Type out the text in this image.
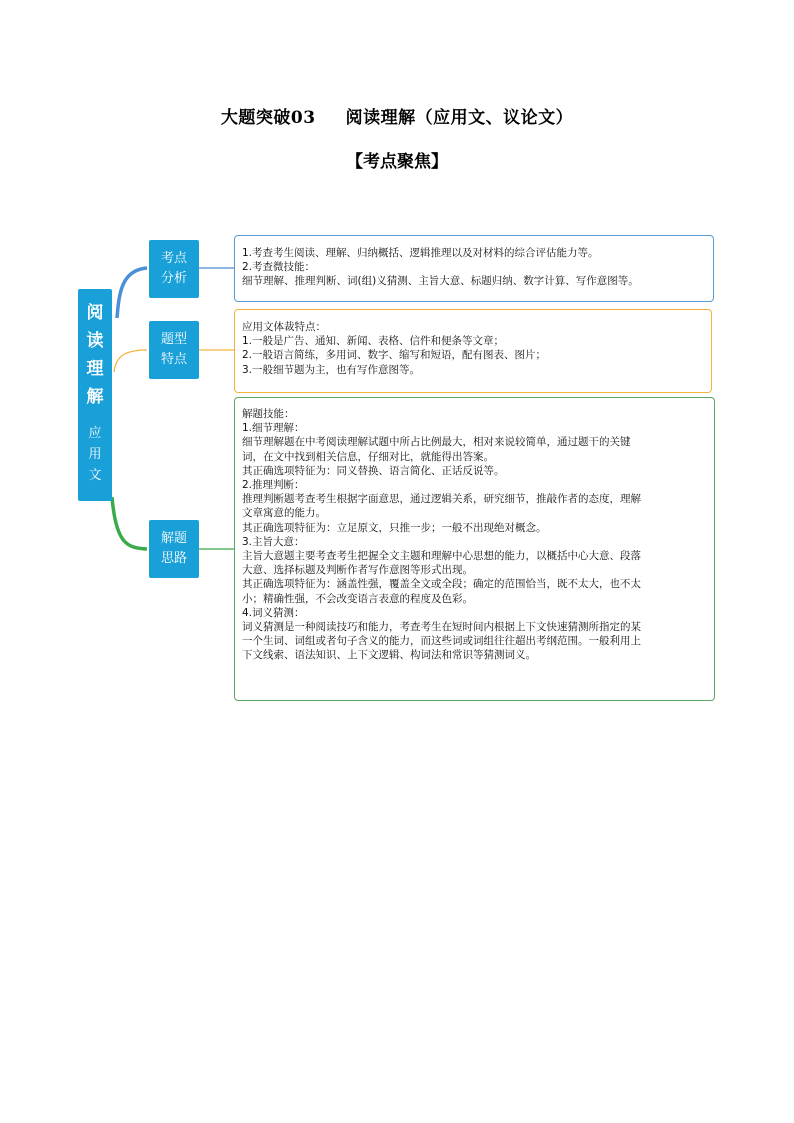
大题突破03 阅读理解（应用文、议论文）
【考点聚焦】
阅读理解
应用文
考点分析
题型特点
解题思路
1.考查考生阅读、理解、归纳概括、逻辑推理以及对材料的综合评估能力等。
2.考查微技能：
细节理解、推理判断、词(组)义猜测、主旨大意、标题归纳、数字计算、写作意图等。
应用文体裁特点：
1.一般是广告、通知、新闻、表格、信件和便条等文章；
2.一般语言简练，多用词、数字、缩写和短语，配有图表、图片；
3.一般细节题为主，也有写作意图等。
解题技能：
1.细节理解：
细节理解题在中考阅读理解试题中所占比例最大，相对来说较简单，通过题干的关键
词，在文中找到相关信息，仔细对比，就能得出答案。
其正确选项特征为：同义替换、语言简化、正话反说等。
2.推理判断：
推理判断题考查考生根据字面意思，通过逻辑关系，研究细节，推敲作者的态度，理解
文章寓意的能力。
其正确选项特征为：立足原文，只推一步；一般不出现绝对概念。
3.主旨大意：
主旨大意题主要考查考生把握全文主题和理解中心思想的能力，以概括中心大意、段落
大意、选择标题及判断作者写作意图等形式出现。
其正确选项特征为：涵盖性强，覆盖全文或全段；确定的范围恰当，既不太大，也不太
小；精确性强，不会改变语言表意的程度及色彩。
4.词义猜测：
词义猜测是一种阅读技巧和能力，考查考生在短时间内根据上下文快速猜测所指定的某
一个生词、词组或者句子含义的能力，而这些词或词组往往超出考纲范围。一般利用上
下文线索、语法知识、上下文逻辑、构词法和常识等猜测词义。
